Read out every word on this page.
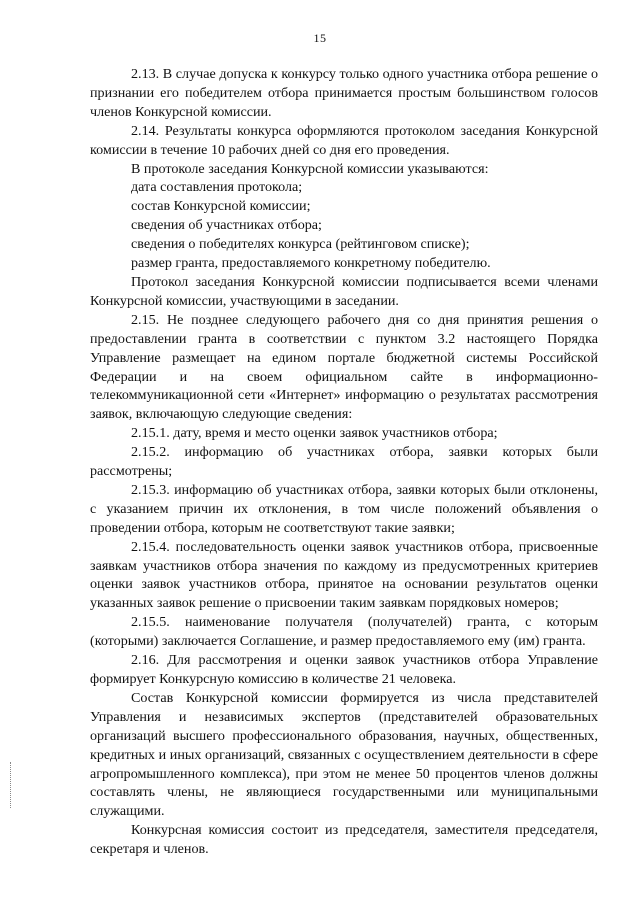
15

2.13. В случае допуска к конкурсу только одного участника отбора решение о признании его победителем отбора принимается простым большинством голосов членов Конкурсной комиссии.

2.14. Результаты конкурса оформляются протоколом заседания Конкурсной комиссии в течение 10 рабочих дней со дня его проведения.

В протоколе заседания Конкурсной комиссии указываются:

дата составления протокола;

состав Конкурсной комиссии;

сведения об участниках отбора;

сведения о победителях конкурса (рейтинговом списке);

размер гранта, предоставляемого конкретному победителю.

Протокол заседания Конкурсной комиссии подписывается всеми членами Конкурсной комиссии, участвующими в заседании.

2.15. Не позднее следующего рабочего дня со дня принятия решения о предоставлении гранта в соответствии с пунктом 3.2 настоящего Порядка Управление размещает на едином портале бюджетной системы Российской Федерации и на своем официальном сайте в информационно-телекоммуникационной сети «Интернет» информацию о результатах рассмотрения заявок, включающую следующие сведения:

2.15.1. дату, время и место оценки заявок участников отбора;

2.15.2. информацию об участниках отбора, заявки которых были рассмотрены;

2.15.3. информацию об участниках отбора, заявки которых были отклонены, с указанием причин их отклонения, в том числе положений объявления о проведении отбора, которым не соответствуют такие заявки;

2.15.4. последовательность оценки заявок участников отбора, присвоенные заявкам участников отбора значения по каждому из предусмотренных критериев оценки заявок участников отбора, принятое на основании результатов оценки указанных заявок решение о присвоении таким заявкам порядковых номеров;

2.15.5. наименование получателя (получателей) гранта, с которым (которыми) заключается Соглашение, и размер предоставляемого ему (им) гранта.

2.16. Для рассмотрения и оценки заявок участников отбора Управление формирует Конкурсную комиссию в количестве 21 человека.

Состав Конкурсной комиссии формируется из числа представителей Управления и независимых экспертов (представителей образовательных организаций высшего профессионального образования, научных, общественных, кредитных и иных организаций, связанных с осуществлением деятельности в сфере агропромышленного комплекса), при этом не менее 50 процентов членов должны составлять члены, не являющиеся государственными или муниципальными служащими.

Конкурсная комиссия состоит из председателя, заместителя председателя, секретаря и членов.
